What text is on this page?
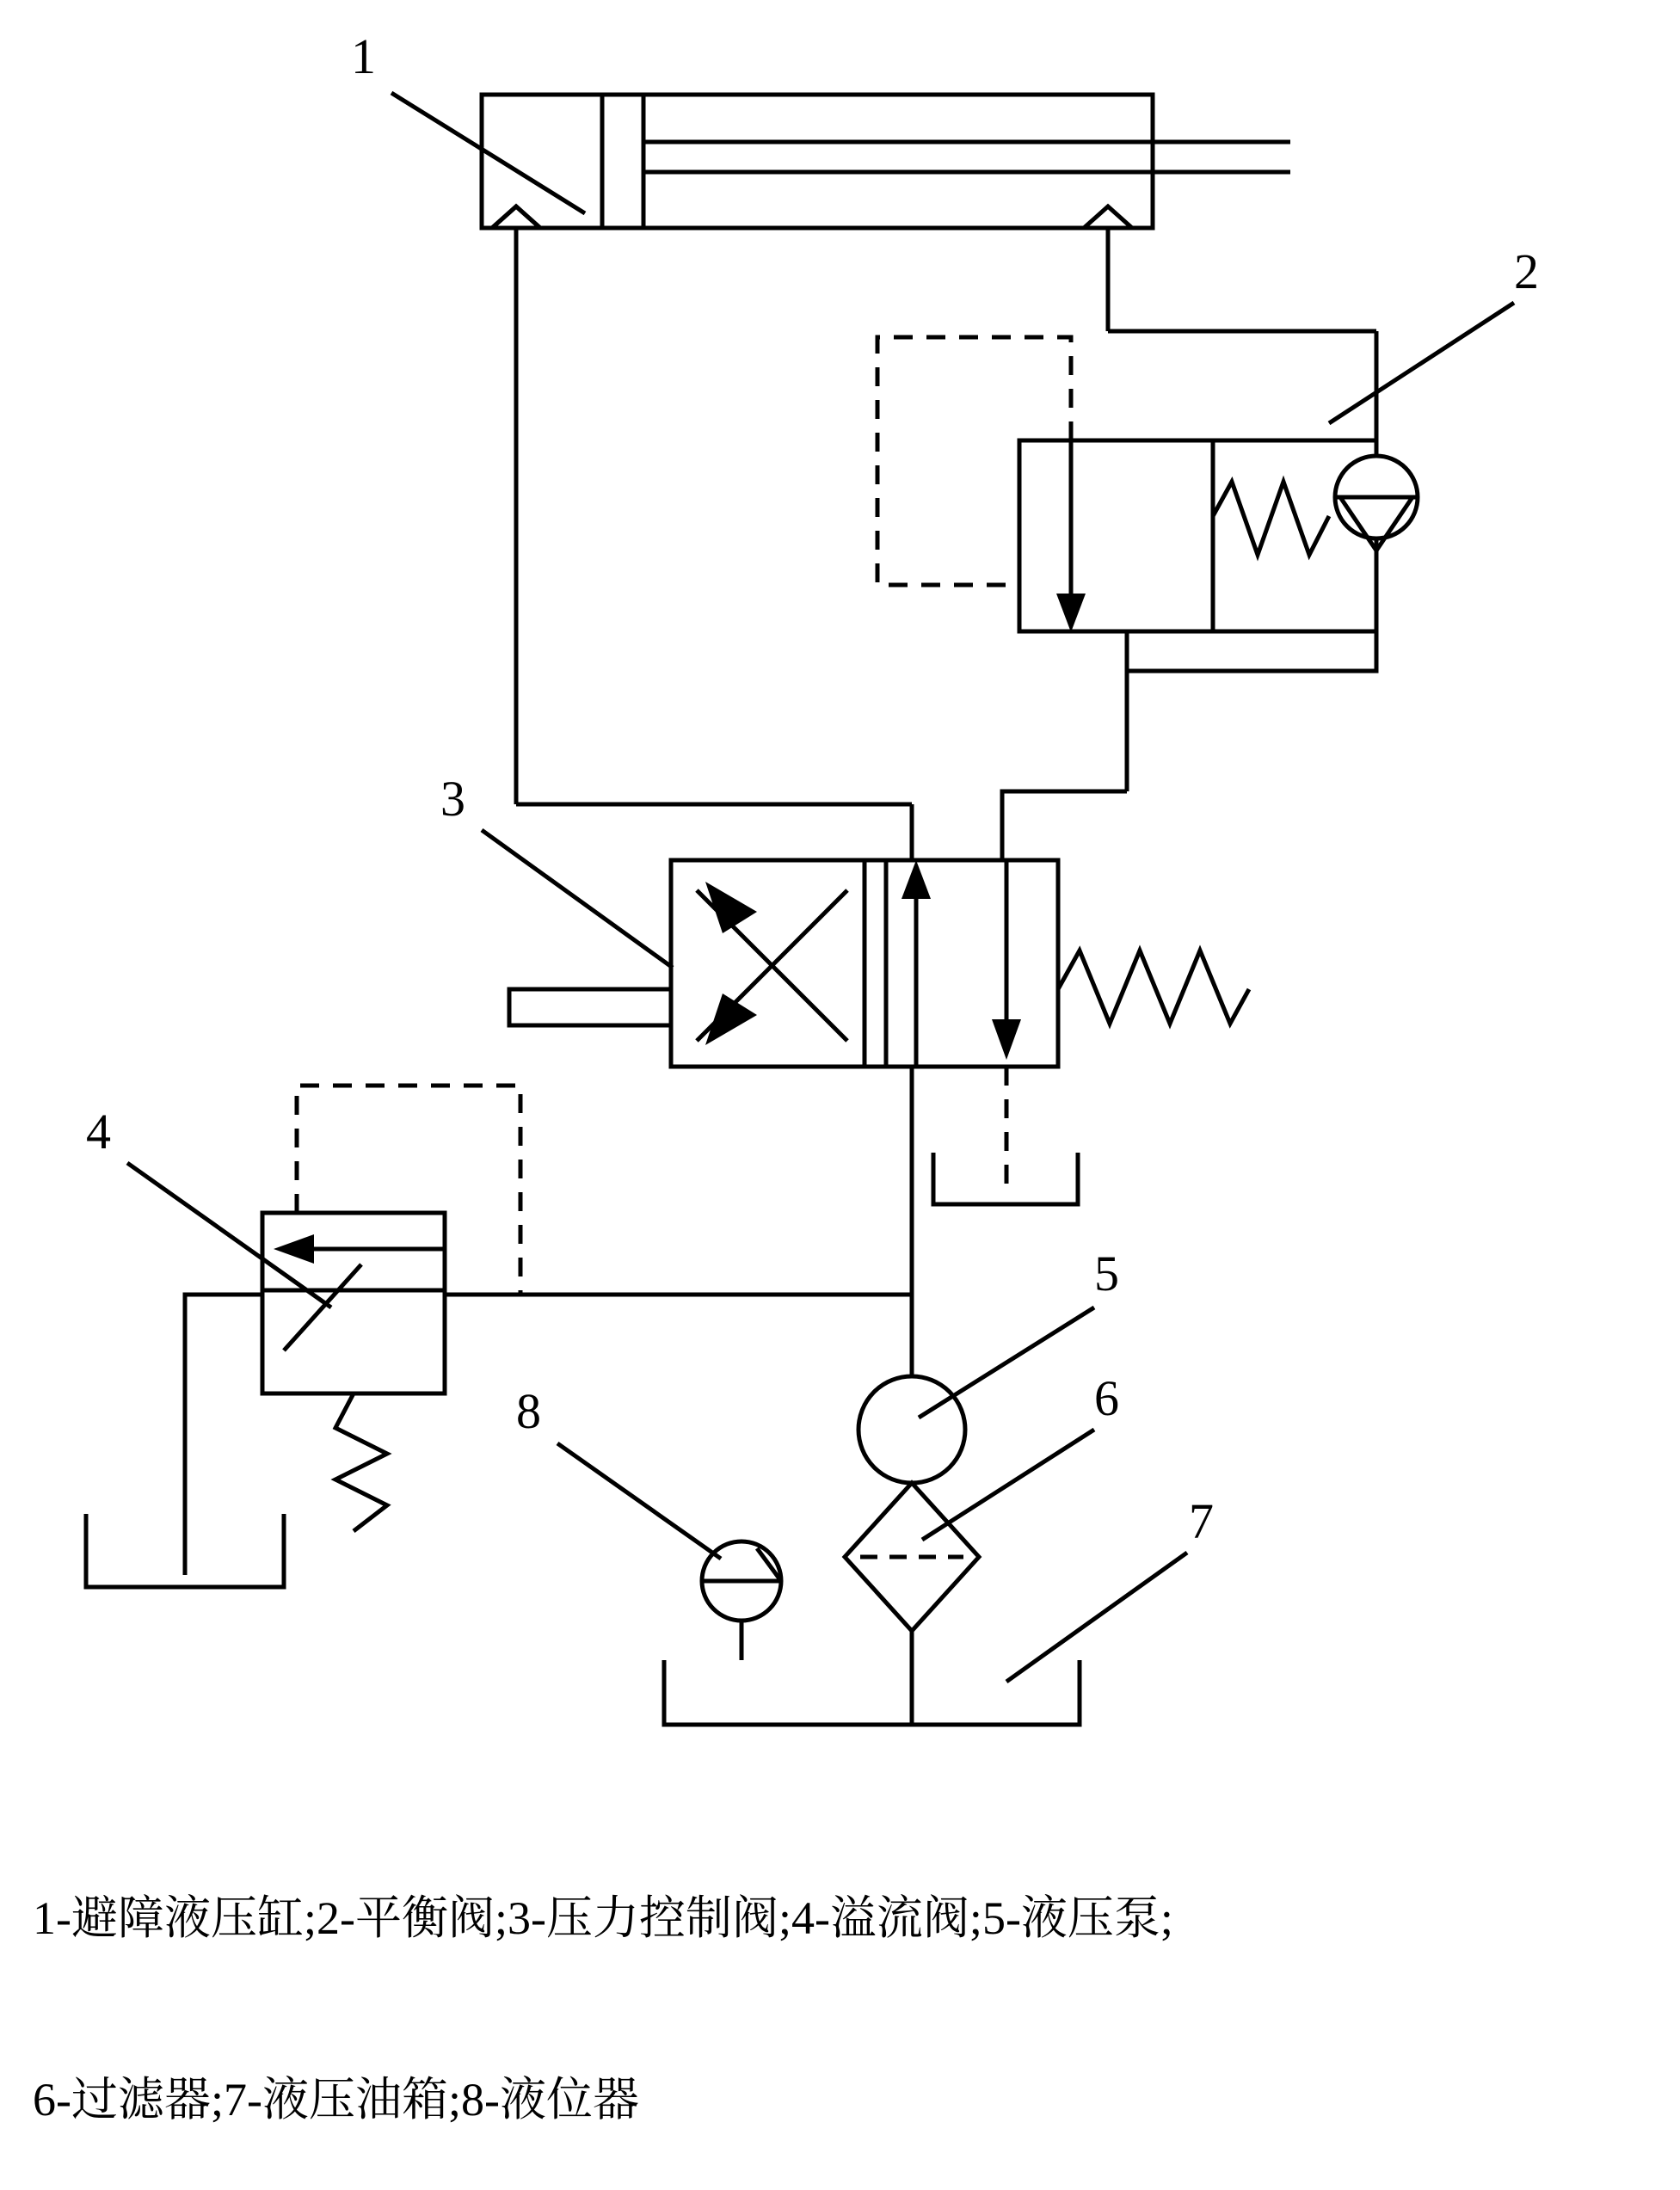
1
2
3
4
5
6
7
8

1-避障液压缸;2-平衡阀;3-压力控制阀;4-溢流阀;5-液压泵;

6-过滤器;7-液压油箱;8-液位器
